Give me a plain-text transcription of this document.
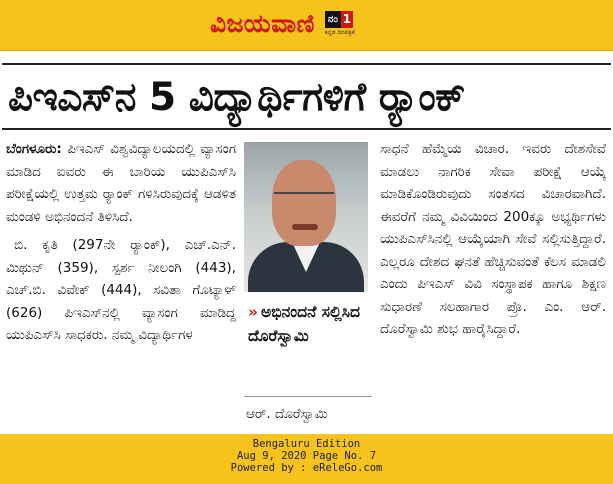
ವಿಜಯವಾಣಿ	ನಂ 1
ಕನ್ನಡ ದಿನಪತ್ರಿಕೆ
ಪಿಇಎಸ್‌ನ 5 ವಿದ್ಯಾರ್ಥಿಗಳಿಗೆ ರ‍್ಯಾಂಕ್

ಬೆಂಗಳೂರು: ಪಿಇಎಸ್ ವಿಶ್ವವಿದ್ಯಾಲಯದಲ್ಲಿ ವ್ಯಾಸಂಗ ಮಾಡಿದ ಐವರು ಈ ಬಾರಿಯ ಯುಪಿಎಸ್‌ಸಿ ಪರೀಕ್ಷೆಯಲ್ಲಿ ಉತ್ತಮ ರ‍್ಯಾಂಕ್ ಗಳಿಸಿರುವುದಕ್ಕೆ ಆಡಳಿತ ಮಂಡಳಿ ಅಭಿನಂದನೆ ತಿಳಿಸಿದೆ.

ಬಿ. ಕೃತಿ (297ನೇ ರ‍್ಯಾಂಕ್), ಎಚ್.ಎನ್. ಮಿಥುನ್ (359), ಸ್ಪರ್ಶ ನೀಲಂಗಿ (443), ಎಚ್.ಬಿ. ವಿವೇಕ್ (444), ಸವಿತಾ ಗೊಟ್ಯಾಳ್ (626) ಪಿಇಎಸ್‌ನಲ್ಲಿ ವ್ಯಾಸಂಗ ಮಾಡಿದ್ದ ಯುಪಿಎಸ್‌ಸಿ ಸಾಧಕರು. ನಮ್ಮ ವಿದ್ಯಾರ್ಥಿಗಳ

» ಅಭಿನಂದನೆ ಸಲ್ಲಿಸಿದ ದೊರೆಸ್ವಾಮಿ
ಆರ್. ದೊರೆಸ್ವಾಮಿ
ಸಾಧನೆ ಹೆಮ್ಮೆಯ ವಿಚಾರ. ಇವರು ದೇಶಸೇವೆ ಮಾಡಲು ನಾಗರಿಕ ಸೇವಾ ಪರೀಕ್ಷೆ ಆಯ್ಕೆ ಮಾಡಿಕೊಂಡಿರುವುದು ಸಂತಸದ ವಿಚಾರವಾಗಿದೆ. ಈವರೆಗೆ ನಮ್ಮ ವಿವಿಯಿಂದ 200ಕ್ಕೂ ಅಭ್ಯರ್ಥಿಗಳು ಯುಪಿಎಸ್‌ಸಿನಲ್ಲಿ ಆಯ್ಕೆಯಾಗಿ ಸೇವೆ ಸಲ್ಲಿಸುತ್ತಿದ್ದಾರೆ. ಎಲ್ಲರೂ ದೇಶದ ಘನತೆ ಹೆಚ್ಚಿಸುವಂತೆ ಕೆಲಸ ಮಾಡಲಿ ಎಂದು ಪಿಇಎಸ್ ವಿವಿ ಸಂಸ್ಥಾಪಕ ಹಾಗೂ ಶಿಕ್ಷಣ ಸುಧಾರಣೆ ಸಲಹಾಗಾರ ಪ್ರೊ. ಎಂ. ಆರ್. ದೊರೆಸ್ವಾಮಿ ಶುಭ ಹಾರೈಸಿದ್ದಾರೆ.
Bengaluru Edition
Aug 9, 2020 Page No. 7
Powered by : eReleGo.com
